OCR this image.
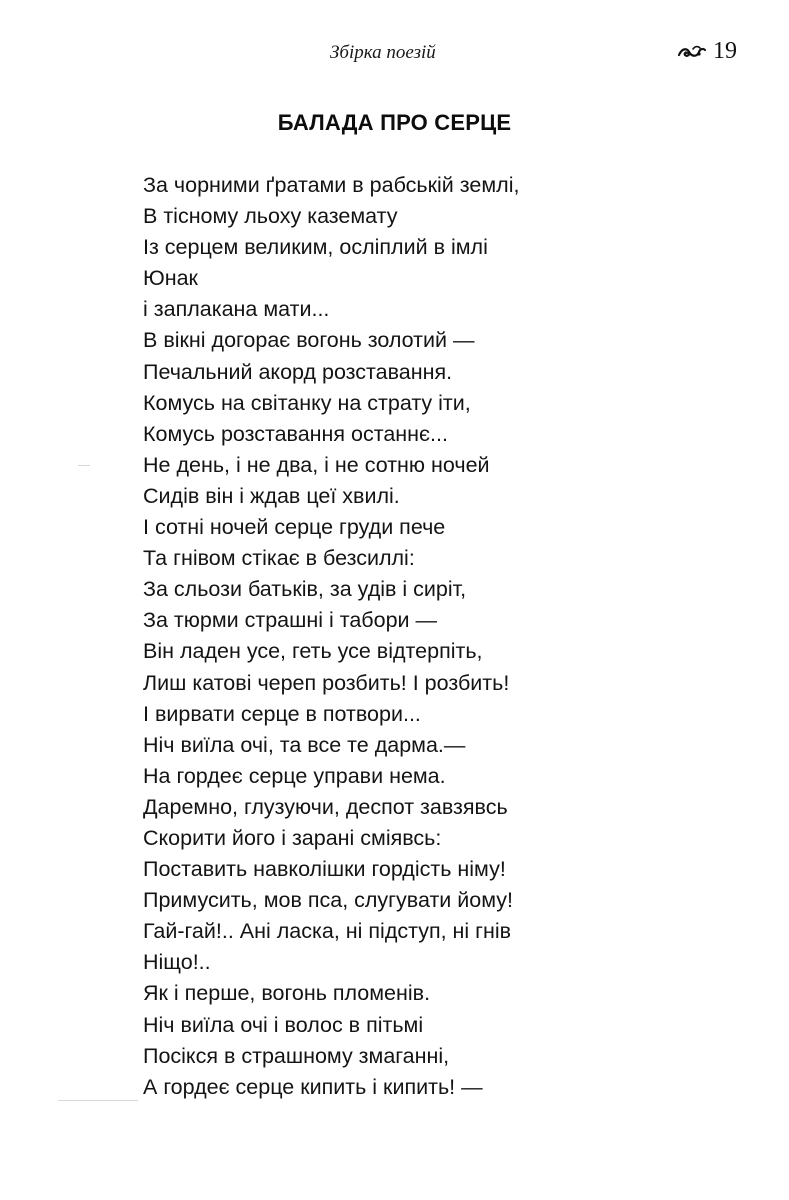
Збірка поезій	19
БАЛАДА ПРО СЕРЦЕ
За чорними ґратами в рабській землі,
В тісному льоху каземату
Із серцем великим, осліплий в імлі
Юнак
і заплакана мати...
В вікні догорає вогонь золотий —
Печальний акорд розставання.
Комусь на світанку на страту іти,
Комусь розставання останнє...
Не день, і не два, і не сотню ночей
Сидів він і ждав цеї хвилі.
І сотні ночей серце груди пече
Та гнівом стікає в безсиллі:
За сльози батьків, за удів і сиріт,
За тюрми страшні і табори —
Він ладен усе, геть усе відтерпіть,
Лиш катові череп розбить! І розбить!
І вирвати серце в потвори...
Ніч виїла очі, та все те дарма.—
На гордеє серце управи нема.
Даремно, глузуючи, деспот завзявсь
Скорити його і зарані сміявсь:
Поставить навколішки гордість німу!
Примусить, мов пса, слугувати йому!
Гай-гай!.. Ані ласка, ні підступ, ні гнів
Ніщо!..
Як і перше, вогонь пломенів.
Ніч виїла очі і волос в пітьмі
Посікся в страшному змаганні,
А гордеє серце кипить і кипить! —
